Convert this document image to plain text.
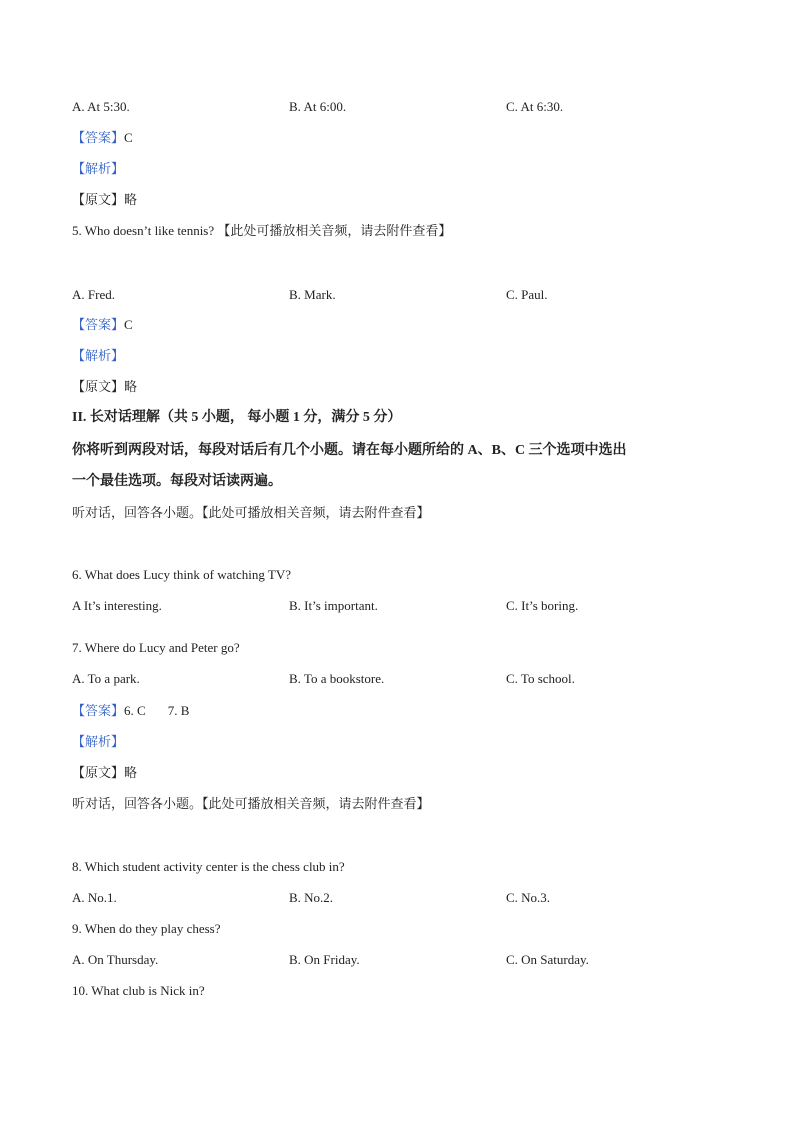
A. At 5:30.	B. At 6:00.	C. At 6:30.
【答案】C
【解析】
【原文】略
5. Who doesn’t like tennis? 【此处可播放相关音频，请去附件查看】
A. Fred.	B. Mark.	C. Paul.
【答案】C
【解析】
【原文】略
II. 长对话理解（共 5 小题， 每小题 1 分，满分 5 分）
你将听到两段对话，每段对话后有几个小题。请在每小题所给的 A、B、C 三个选项中选出
一个最佳选项。每段对话读两遍。
听对话，回答各小题。【此处可播放相关音频，请去附件查看】
6. What does Lucy think of watching TV?
A It’s interesting.	B. It’s important.	C. It’s boring.
7. Where do Lucy and Peter go?
A. To a park.	B. To a bookstore.	C. To school.
【答案】6. C 7. B
【解析】
【原文】略
听对话，回答各小题。【此处可播放相关音频，请去附件查看】
8. Which student activity center is the chess club in?
A. No.1.	B. No.2.	C. No.3.
9. When do they play chess?
A. On Thursday.	B. On Friday.	C. On Saturday.
10. What club is Nick in?
